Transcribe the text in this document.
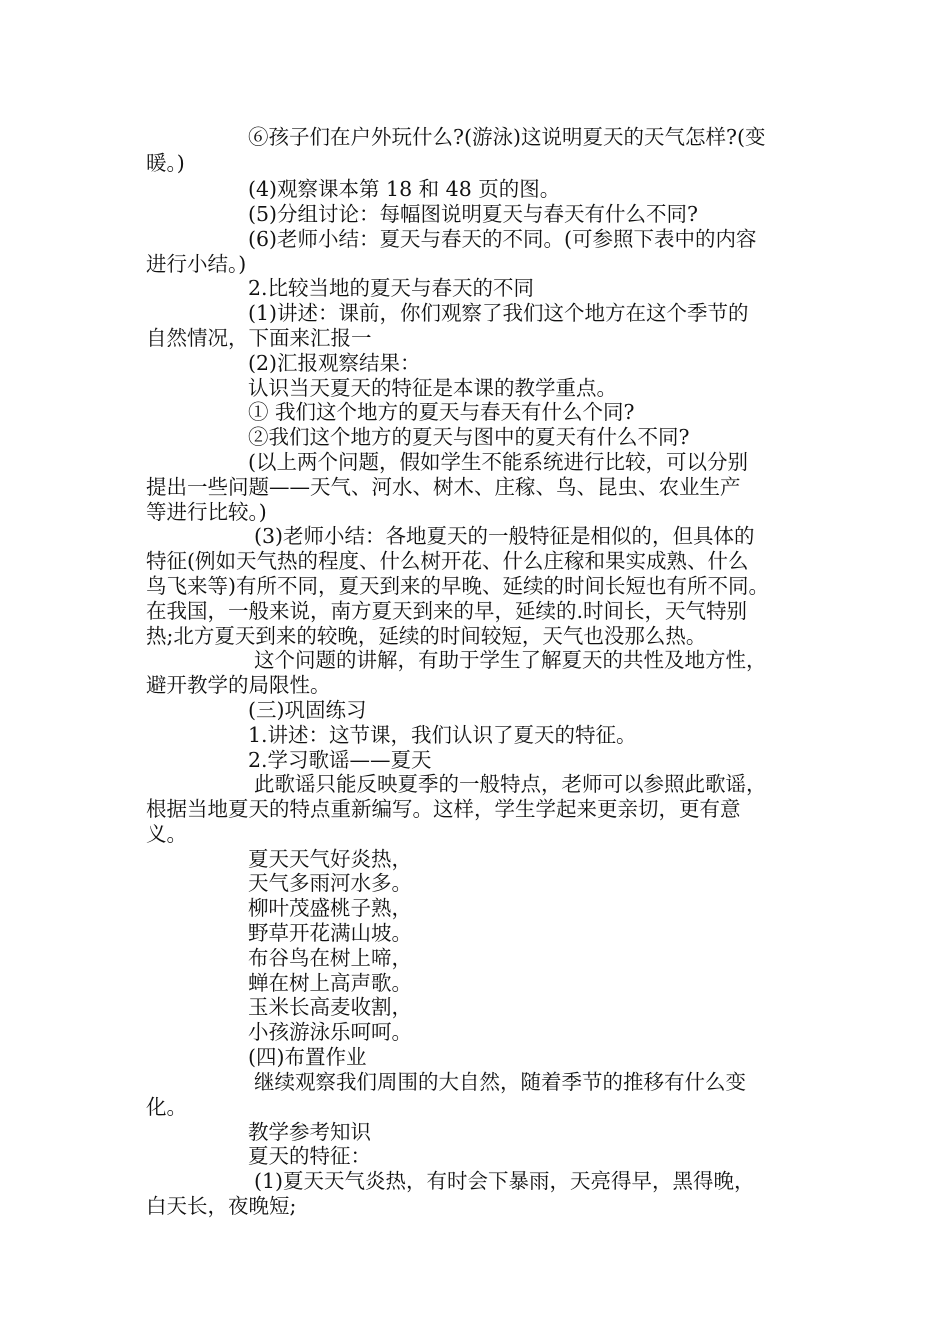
⑥孩子们在户外玩什么?(游泳)这说明夏天的天气怎样?(变
暖。)
(4)观察课本第 18 和 48 页的图。
(5)分组讨论：每幅图说明夏天与春天有什么不同?
(6)老师小结：夏天与春天的不同。(可参照下表中的内容
进行小结。)
2.比较当地的夏天与春天的不同
(1)讲述：课前，你们观察了我们这个地方在这个季节的
自然情况，下面来汇报一
(2)汇报观察结果：
认识当天夏天的特征是本课的教学重点。
① 我们这个地方的夏天与春天有什么个同?
②我们这个地方的夏天与图中的夏天有什么不同?
(以上两个问题，假如学生不能系统进行比较，可以分别
提出一些问题——天气、河水、树木、庄稼、鸟、昆虫、农业生产
等进行比较。)
(3)老师小结：各地夏天的一般特征是相似的，但具体的
特征(例如天气热的程度、什么树开花、什么庄稼和果实成熟、什么
鸟飞来等)有所不同，夏天到来的早晚、延续的时间长短也有所不同。
在我国，一般来说，南方夏天到来的早，延续的.时间长，天气特别
热;北方夏天到来的较晚，延续的时间较短，天气也没那么热。
这个问题的讲解，有助于学生了解夏天的共性及地方性，
避开教学的局限性。
(三)巩固练习
1.讲述：这节课，我们认识了夏天的特征。
2.学习歌谣——夏天
此歌谣只能反映夏季的一般特点，老师可以参照此歌谣，
根据当地夏天的特点重新编写。这样，学生学起来更亲切，更有意
义。
夏天天气好炎热，
天气多雨河水多。
柳叶茂盛桃子熟，
野草开花满山坡。
布谷鸟在树上啼，
蝉在树上高声歌。
玉米长高麦收割，
小孩游泳乐呵呵。
(四)布置作业
继续观察我们周围的大自然，随着季节的推移有什么变
化。
教学参考知识
夏天的特征：
(1)夏天天气炎热，有时会下暴雨，天亮得早，黑得晚，
白天长，夜晚短;
